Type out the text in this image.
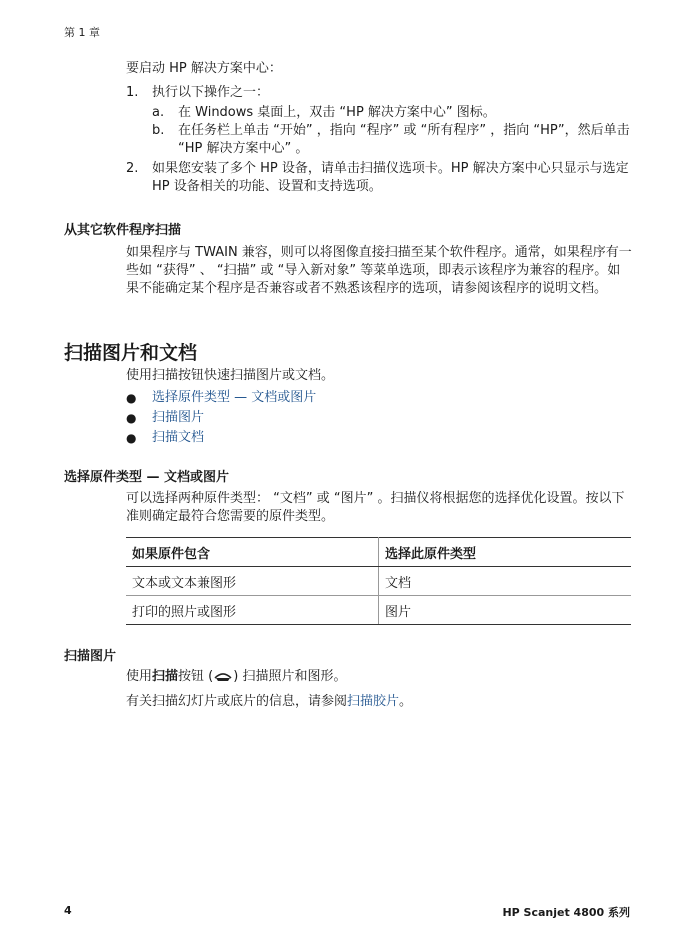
第 1 章
要启动 HP 解决方案中心：
1. 执行以下操作之一：
a. 在 Windows 桌面上，双击 “HP 解决方案中心” 图标。
b. 在任务栏上单击 “开始” ，指向 “程序” 或 “所有程序” ，指向 “HP”，然后单击 “HP 解决方案中心” 。
2. 如果您安装了多个 HP 设备，请单击扫描仪选项卡。HP 解决方案中心只显示与选定 HP 设备相关的功能、设置和支持选项。
从其它软件程序扫描
如果程序与 TWAIN 兼容，则可以将图像直接扫描至某个软件程序。通常，如果程序有一些如 “获得” 、 “扫描” 或 “导入新对象” 等菜单选项，即表示该程序为兼容的程序。如果不能确定某个程序是否兼容或者不熟悉该程序的选项，请参阅该程序的说明文档。
扫描图片和文档
使用扫描按钮快速扫描图片或文档。
● 选择原件类型 — 文档或图片
● 扫描图片
● 扫描文档
选择原件类型 — 文档或图片
可以选择两种原件类型： “文档” 或 “图片” 。扫描仪将根据您的选择优化设置。按以下准则确定最符合您需要的原件类型。
如果原件包含	选择此原件类型
文本或文本兼图形	文档
打印的照片或图形	图片
扫描图片
使用扫描按钮 ( ) 扫描照片和图形。
有关扫描幻灯片或底片的信息，请参阅扫描胶片。
4	HP Scanjet 4800 系列
